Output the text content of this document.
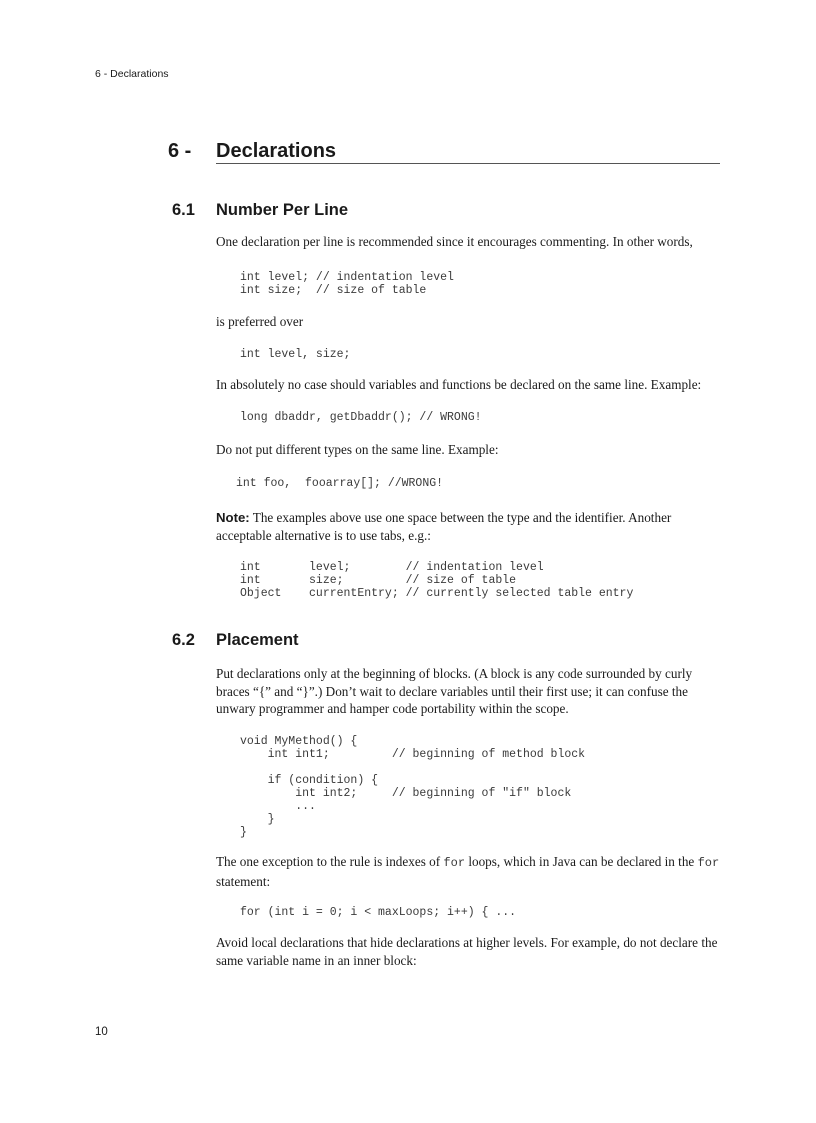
6 - Declarations
6 - Declarations
6.1 Number Per Line
One declaration per line is recommended since it encourages commenting. In other words,
int level; // indentation level
int size;  // size of table
is preferred over
int level, size;
In absolutely no case should variables and functions be declared on the same line. Example:
long dbaddr, getDbaddr(); // WRONG!
Do not put different types on the same line. Example:
int foo,  fooarray[]; //WRONG!
Note: The examples above use one space between the type and the identifier. Another acceptable alternative is to use tabs, e.g.:
int       level;        // indentation level
int       size;         // size of table
Object    currentEntry; // currently selected table entry
6.2 Placement
Put declarations only at the beginning of blocks. (A block is any code surrounded by curly braces “{” and “}”.) Don’t wait to declare variables until their first use; it can confuse the unwary programmer and hamper code portability within the scope.
void MyMethod() {
int int1;         // beginning of method block

if (condition) {
int int2;     // beginning of "if" block
...
}
}
The one exception to the rule is indexes of for loops, which in Java can be declared in the for statement:
for (int i = 0; i < maxLoops; i++) { ...
Avoid local declarations that hide declarations at higher levels. For example, do not declare the same variable name in an inner block:
10
